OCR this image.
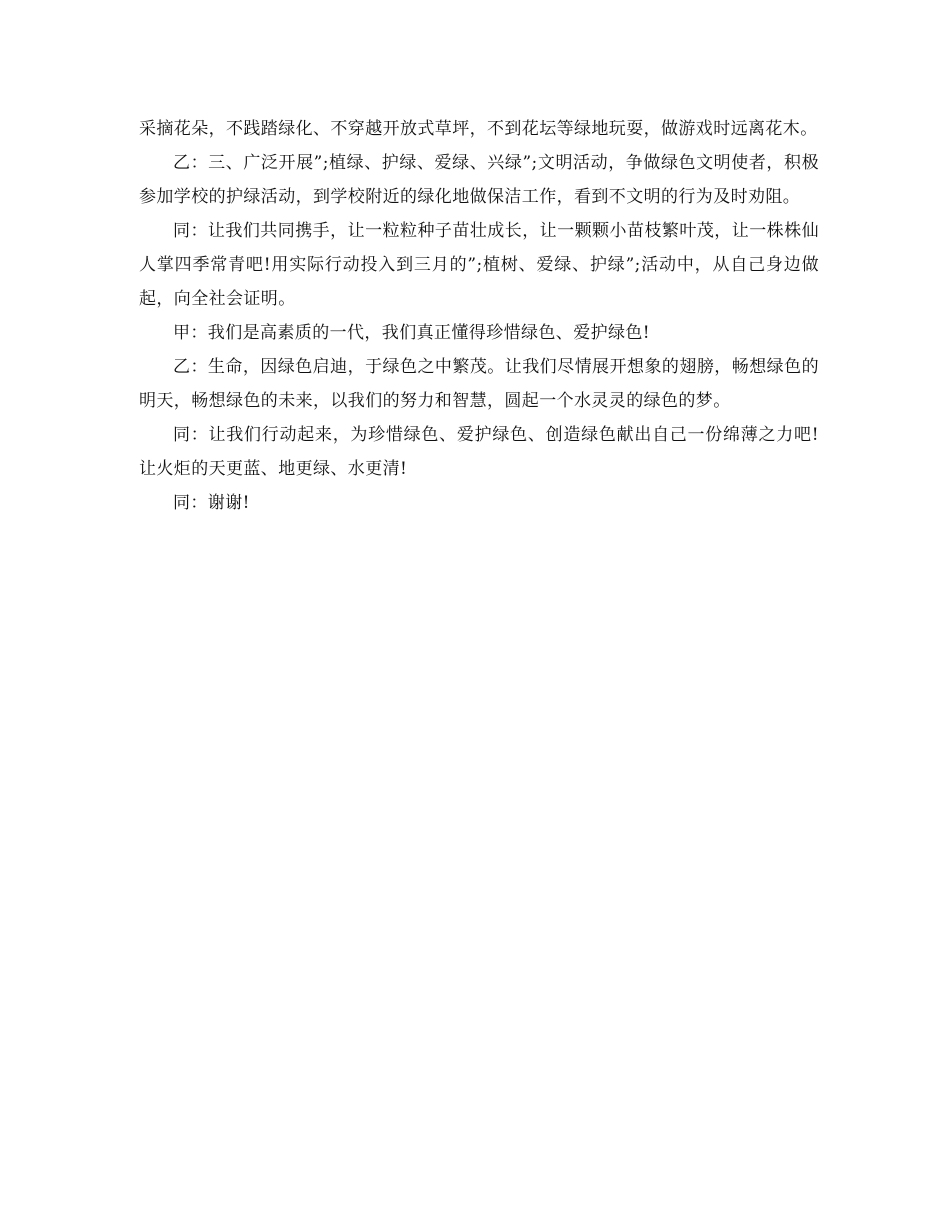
采摘花朵，不践踏绿化、不穿越开放式草坪，不到花坛等绿地玩耍，做游戏时远离花木。

乙：三、广泛开展”;植绿、护绿、爱绿、兴绿”;文明活动，争做绿色文明使者，积极参加学校的护绿活动，到学校附近的绿化地做保洁工作，看到不文明的行为及时劝阻。

同：让我们共同携手，让一粒粒种子苗壮成长，让一颗颗小苗枝繁叶茂，让一株株仙人掌四季常青吧!用实际行动投入到三月的”;植树、爱绿、护绿”;活动中，从自己身边做起，向全社会证明。

甲：我们是高素质的一代，我们真正懂得珍惜绿色、爱护绿色!

乙：生命，因绿色启迪，于绿色之中繁茂。让我们尽情展开想象的翅膀，畅想绿色的明天，畅想绿色的未来，以我们的努力和智慧，圆起一个水灵灵的绿色的梦。

同：让我们行动起来，为珍惜绿色、爱护绿色、创造绿色献出自己一份绵薄之力吧!让火炬的天更蓝、地更绿、水更清!

同：谢谢!
